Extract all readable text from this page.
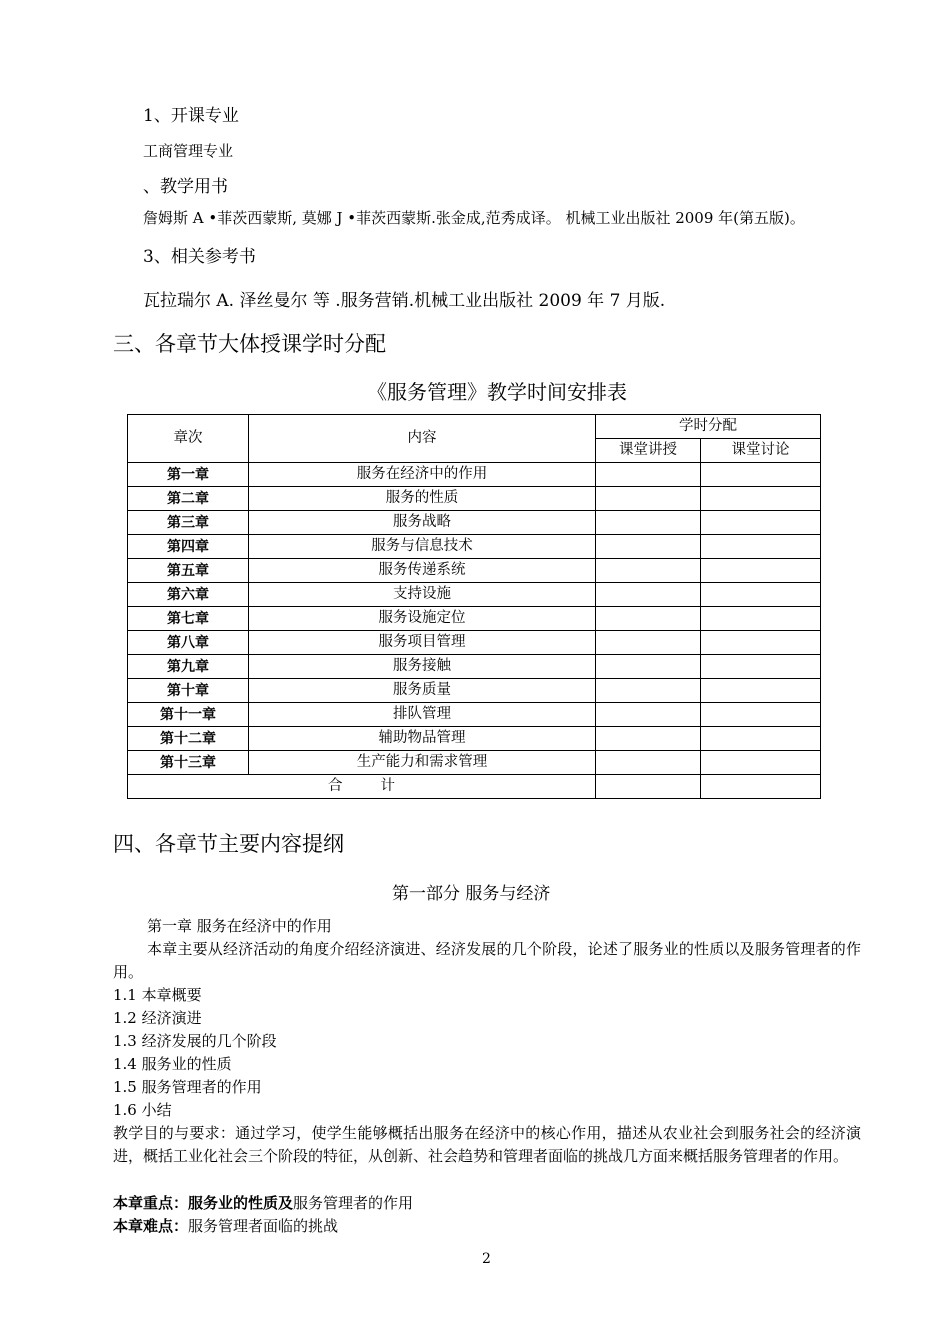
1、开课专业
工商管理专业
、教学用书
詹姆斯 A •菲茨西蒙斯, 莫娜 J •菲茨西蒙斯.张金成,范秀成译。 机械工业出版社 2009 年(第五版)。
3、相关参考书
瓦拉瑞尔 A. 泽丝曼尔 等 .服务营销.机械工业出版社 2009 年 7 月版.
三、各章节大体授课学时分配
《服务管理》教学时间安排表
章次	内容	学时分配	
		课堂讲授	课堂讨论
第一章	服务在经济中的作用		
第二章	服务的性质		
第三章	服务战略		
第四章	服务与信息技术		
第五章	服务传递系统		
第六章	支持设施		
第七章	服务设施定位		
第八章	服务项目管理		
第九章	服务接触		
第十章	服务质量		
第十一章	排队管理		
第十二章	辅助物品管理		
第十三章	生产能力和需求管理		
合计			
四、各章节主要内容提纲
第一部分 服务与经济
第一章 服务在经济中的作用
本章主要从经济活动的角度介绍经济演进、经济发展的几个阶段，论述了服务业的性质以及服务管理者的作用。
1.1 本章概要
1.2 经济演进
1.3 经济发展的几个阶段
1.4 服务业的性质
1.5 服务管理者的作用
1.6 小结
教学目的与要求：通过学习，使学生能够概括出服务在经济中的核心作用，描述从农业社会到服务社会的经济演进，概括工业化社会三个阶段的特征，从创新、社会趋势和管理者面临的挑战几方面来概括服务管理者的作用。
本章重点：服务业的性质及服务管理者的作用
本章难点：服务管理者面临的挑战
2
